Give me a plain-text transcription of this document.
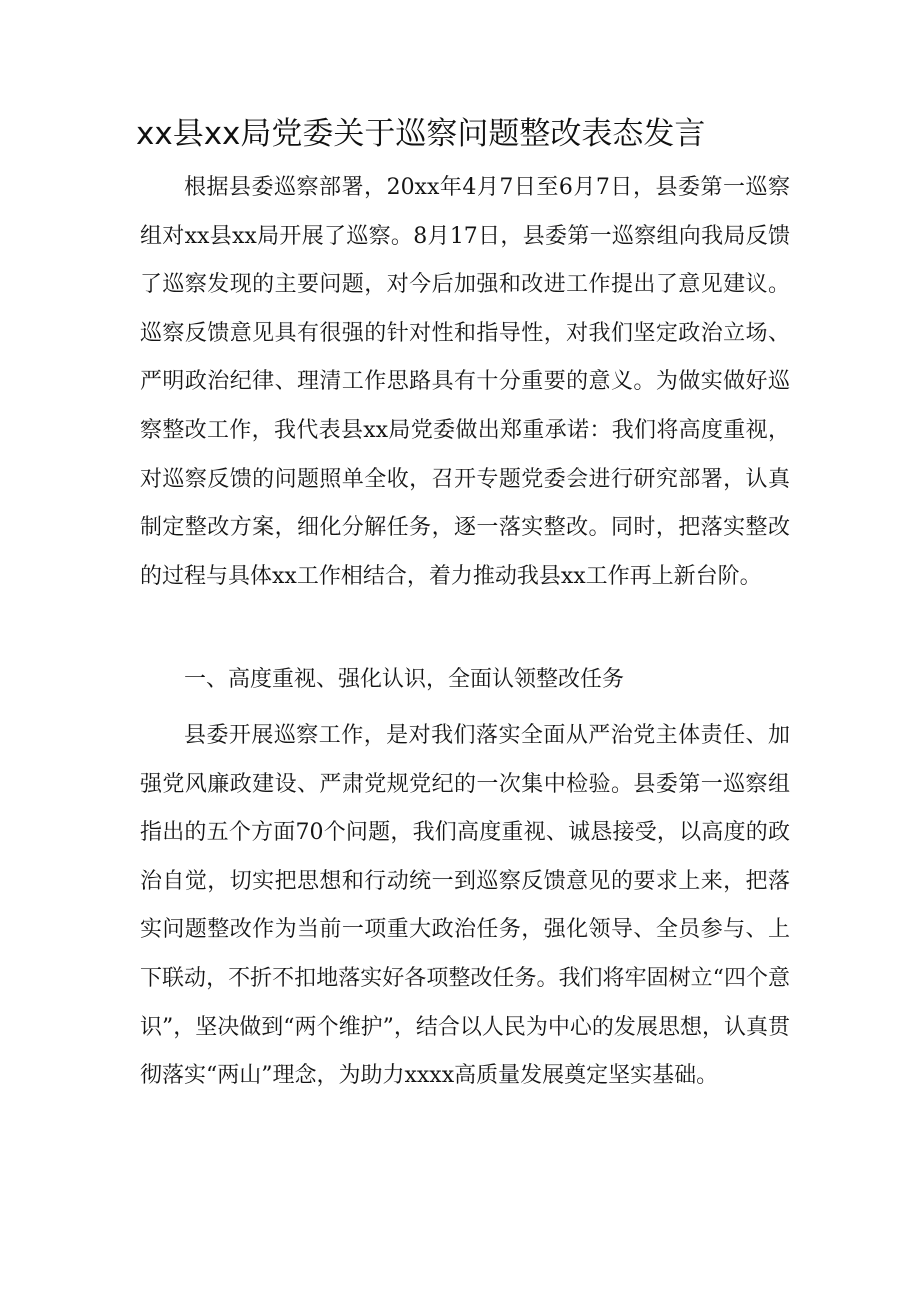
xx县xx局党委关于巡察问题整改表态发言

根据县委巡察部署，20xx年4月7日至6月7日，县委第一巡察组对xx县xx局开展了巡察。8月17日，县委第一巡察组向我局反馈了巡察发现的主要问题，对今后加强和改进工作提出了意见建议。巡察反馈意见具有很强的针对性和指导性，对我们坚定政治立场、严明政治纪律、理清工作思路具有十分重要的意义。为做实做好巡察整改工作，我代表县xx局党委做出郑重承诺：我们将高度重视，对巡察反馈的问题照单全收，召开专题党委会进行研究部署，认真制定整改方案，细化分解任务，逐一落实整改。同时，把落实整改的过程与具体xx工作相结合，着力推动我县xx工作再上新台阶。

一、高度重视、强化认识，全面认领整改任务

县委开展巡察工作，是对我们落实全面从严治党主体责任、加强党风廉政建设、严肃党规党纪的一次集中检验。县委第一巡察组指出的五个方面70个问题，我们高度重视、诚恳接受，以高度的政治自觉，切实把思想和行动统一到巡察反馈意见的要求上来，把落实问题整改作为当前一项重大政治任务，强化领导、全员参与、上下联动，不折不扣地落实好各项整改任务。我们将牢固树立“四个意识”，坚决做到“两个维护”，结合以人民为中心的发展思想，认真贯彻落实“两山”理念，为助力xxxx高质量发展奠定坚实基础。
